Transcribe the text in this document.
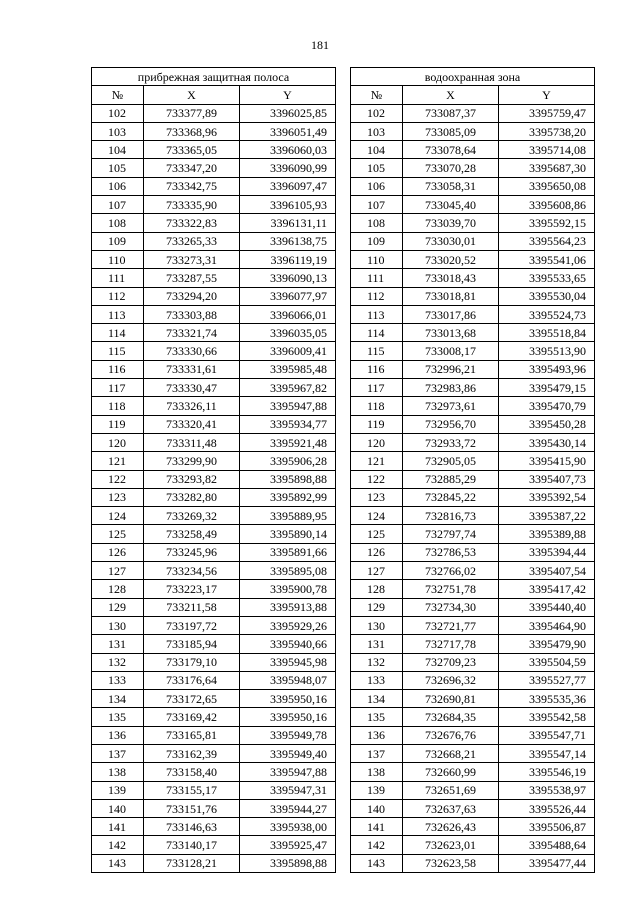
181
прибрежная защитная полоса		
№	X	Y
102	733377,89	3396025,85
103	733368,96	3396051,49
104	733365,05	3396060,03
105	733347,20	3396090,99
106	733342,75	3396097,47
107	733335,90	3396105,93
108	733322,83	3396131,11
109	733265,33	3396138,75
110	733273,31	3396119,19
111	733287,55	3396090,13
112	733294,20	3396077,97
113	733303,88	3396066,01
114	733321,74	3396035,05
115	733330,66	3396009,41
116	733331,61	3395985,48
117	733330,47	3395967,82
118	733326,11	3395947,88
119	733320,41	3395934,77
120	733311,48	3395921,48
121	733299,90	3395906,28
122	733293,82	3395898,88
123	733282,80	3395892,99
124	733269,32	3395889,95
125	733258,49	3395890,14
126	733245,96	3395891,66
127	733234,56	3395895,08
128	733223,17	3395900,78
129	733211,58	3395913,88
130	733197,72	3395929,26
131	733185,94	3395940,66
132	733179,10	3395945,98
133	733176,64	3395948,07
134	733172,65	3395950,16
135	733169,42	3395950,16
136	733165,81	3395949,78
137	733162,39	3395949,40
138	733158,40	3395947,88
139	733155,17	3395947,31
140	733151,76	3395944,27
141	733146,63	3395938,00
142	733140,17	3395925,47
143	733128,21	3395898,88
водоохранная зона		
№	X	Y
102	733087,37	3395759,47
103	733085,09	3395738,20
104	733078,64	3395714,08
105	733070,28	3395687,30
106	733058,31	3395650,08
107	733045,40	3395608,86
108	733039,70	3395592,15
109	733030,01	3395564,23
110	733020,52	3395541,06
111	733018,43	3395533,65
112	733018,81	3395530,04
113	733017,86	3395524,73
114	733013,68	3395518,84
115	733008,17	3395513,90
116	732996,21	3395493,96
117	732983,86	3395479,15
118	732973,61	3395470,79
119	732956,70	3395450,28
120	732933,72	3395430,14
121	732905,05	3395415,90
122	732885,29	3395407,73
123	732845,22	3395392,54
124	732816,73	3395387,22
125	732797,74	3395389,88
126	732786,53	3395394,44
127	732766,02	3395407,54
128	732751,78	3395417,42
129	732734,30	3395440,40
130	732721,77	3395464,90
131	732717,78	3395479,90
132	732709,23	3395504,59
133	732696,32	3395527,77
134	732690,81	3395535,36
135	732684,35	3395542,58
136	732676,76	3395547,71
137	732668,21	3395547,14
138	732660,99	3395546,19
139	732651,69	3395538,97
140	732637,63	3395526,44
141	732626,43	3395506,87
142	732623,01	3395488,64
143	732623,58	3395477,44
